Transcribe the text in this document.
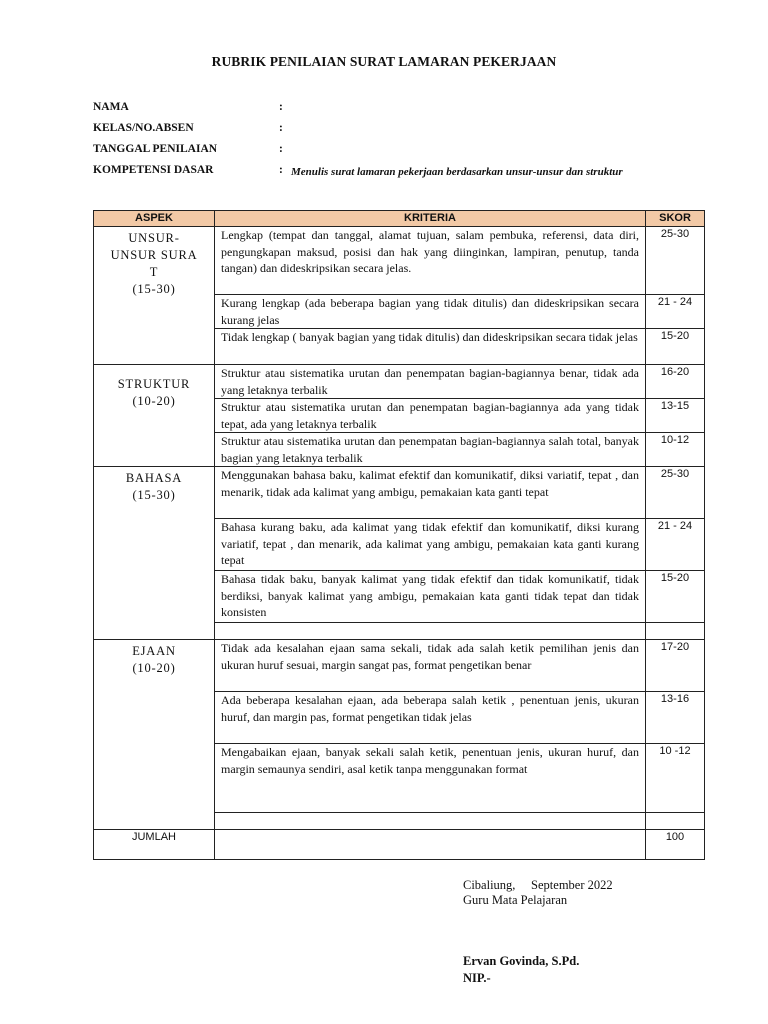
RUBRIK PENILAIAN SURAT LAMARAN PEKERJAAN
NAMA	:
KELAS/NO.ABSEN	:
TANGGAL PENILAIAN	:
KOMPETENSI DASAR	: Menulis surat lamaran pekerjaan berdasarkan unsur-unsur dan struktur
ASPEK	KRITERIA	SKOR

UNSUR-
UNSUR SURA
T
(15-30)	Lengkap (tempat dan tanggal, alamat tujuan, salam pembuka, referensi, data diri, pengungkapan maksud, posisi dan hak yang diinginkan, lampiran, penutup, tanda tangan) dan dideskripsikan secara jelas.	25-30
	Kurang lengkap (ada beberapa bagian yang tidak ditulis) dan dideskripsikan secara kurang jelas	21 - 24
	Tidak lengkap ( banyak bagian yang tidak ditulis) dan dideskripsikan secara tidak jelas	15-20

STRUKTUR
(10-20)	Struktur atau sistematika urutan dan penempatan bagian-bagiannya benar, tidak ada yang letaknya terbalik	16-20
	Struktur atau sistematika urutan dan penempatan bagian-bagiannya ada yang tidak tepat, ada yang letaknya terbalik	13-15
	Struktur atau sistematika urutan dan penempatan bagian-bagiannya salah total, banyak bagian yang letaknya terbalik	10-12

BAHASA
(15-30)	Menggunakan bahasa baku, kalimat efektif dan komunikatif, diksi variatif, tepat , dan menarik, tidak ada kalimat yang ambigu, pemakaian kata ganti tepat	25-30
	Bahasa kurang baku, ada kalimat yang tidak efektif dan komunikatif, diksi kurang variatif, tepat , dan menarik, ada kalimat yang ambigu, pemakaian kata ganti kurang tepat	21 - 24
	Bahasa tidak baku, banyak kalimat yang tidak efektif dan tidak komunikatif, tidak berdiksi, banyak kalimat yang ambigu, pemakaian kata ganti tidak tepat dan tidak konsisten	15-20

EJAAN
(10-20)	Tidak ada kesalahan ejaan sama sekali, tidak ada salah ketik pemilihan jenis dan ukuran huruf sesuai, margin sangat pas, format pengetikan benar	17-20
	Ada beberapa kesalahan ejaan, ada beberapa salah ketik , penentuan jenis, ukuran huruf, dan margin pas, format pengetikan tidak jelas	13-16
	Mengabaikan ejaan, banyak sekali salah ketik, penentuan jenis, ukuran huruf, dan margin semaunya sendiri, asal ketik tanpa menggunakan format	10 -12

JUMLAH		100
Cibaliung,     September 2022
Guru Mata Pelajaran
Ervan Govinda, S.Pd.
NIP.-
